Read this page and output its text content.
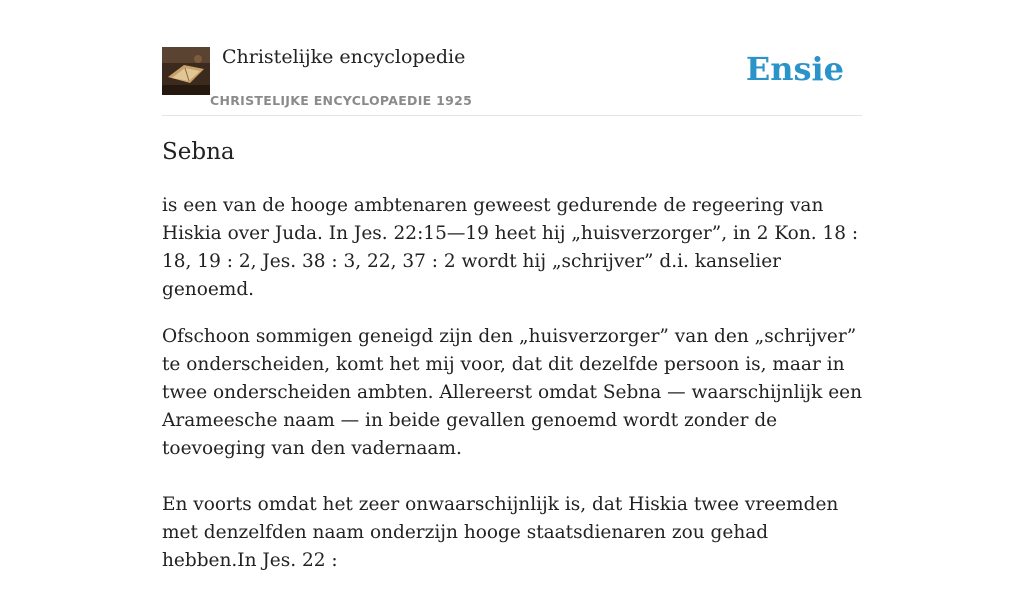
Christelijke encyclopedie
CHRISTELIJKE ENCYCLOPAEDIE 1925
Ensie
Sebna

is een van de hooge ambtenaren geweest gedurende de regeering van Hiskia over Juda. In Jes. 22:15—19 heet hij „huisverzorger”, in 2 Kon. 18 : 18, 19 : 2, Jes. 38 : 3, 22, 37 : 2 wordt hij „schrijver” d.i. kanselier genoemd.

Ofschoon sommigen geneigd zijn den „huisverzorger” van den „schrijver” te onderscheiden, komt het mij voor, dat dit dezelfde persoon is, maar in twee onderscheiden ambten. Allereerst omdat Sebna — waarschijnlijk een Arameesche naam — in beide gevallen genoemd wordt zonder de toevoeging van den vadernaam.

En voorts omdat het zeer onwaarschijnlijk is, dat Hiskia twee vreemden met denzelfden naam onderzijn hooge staatsdienaren zou gehad hebben.In Jes. 22 :
